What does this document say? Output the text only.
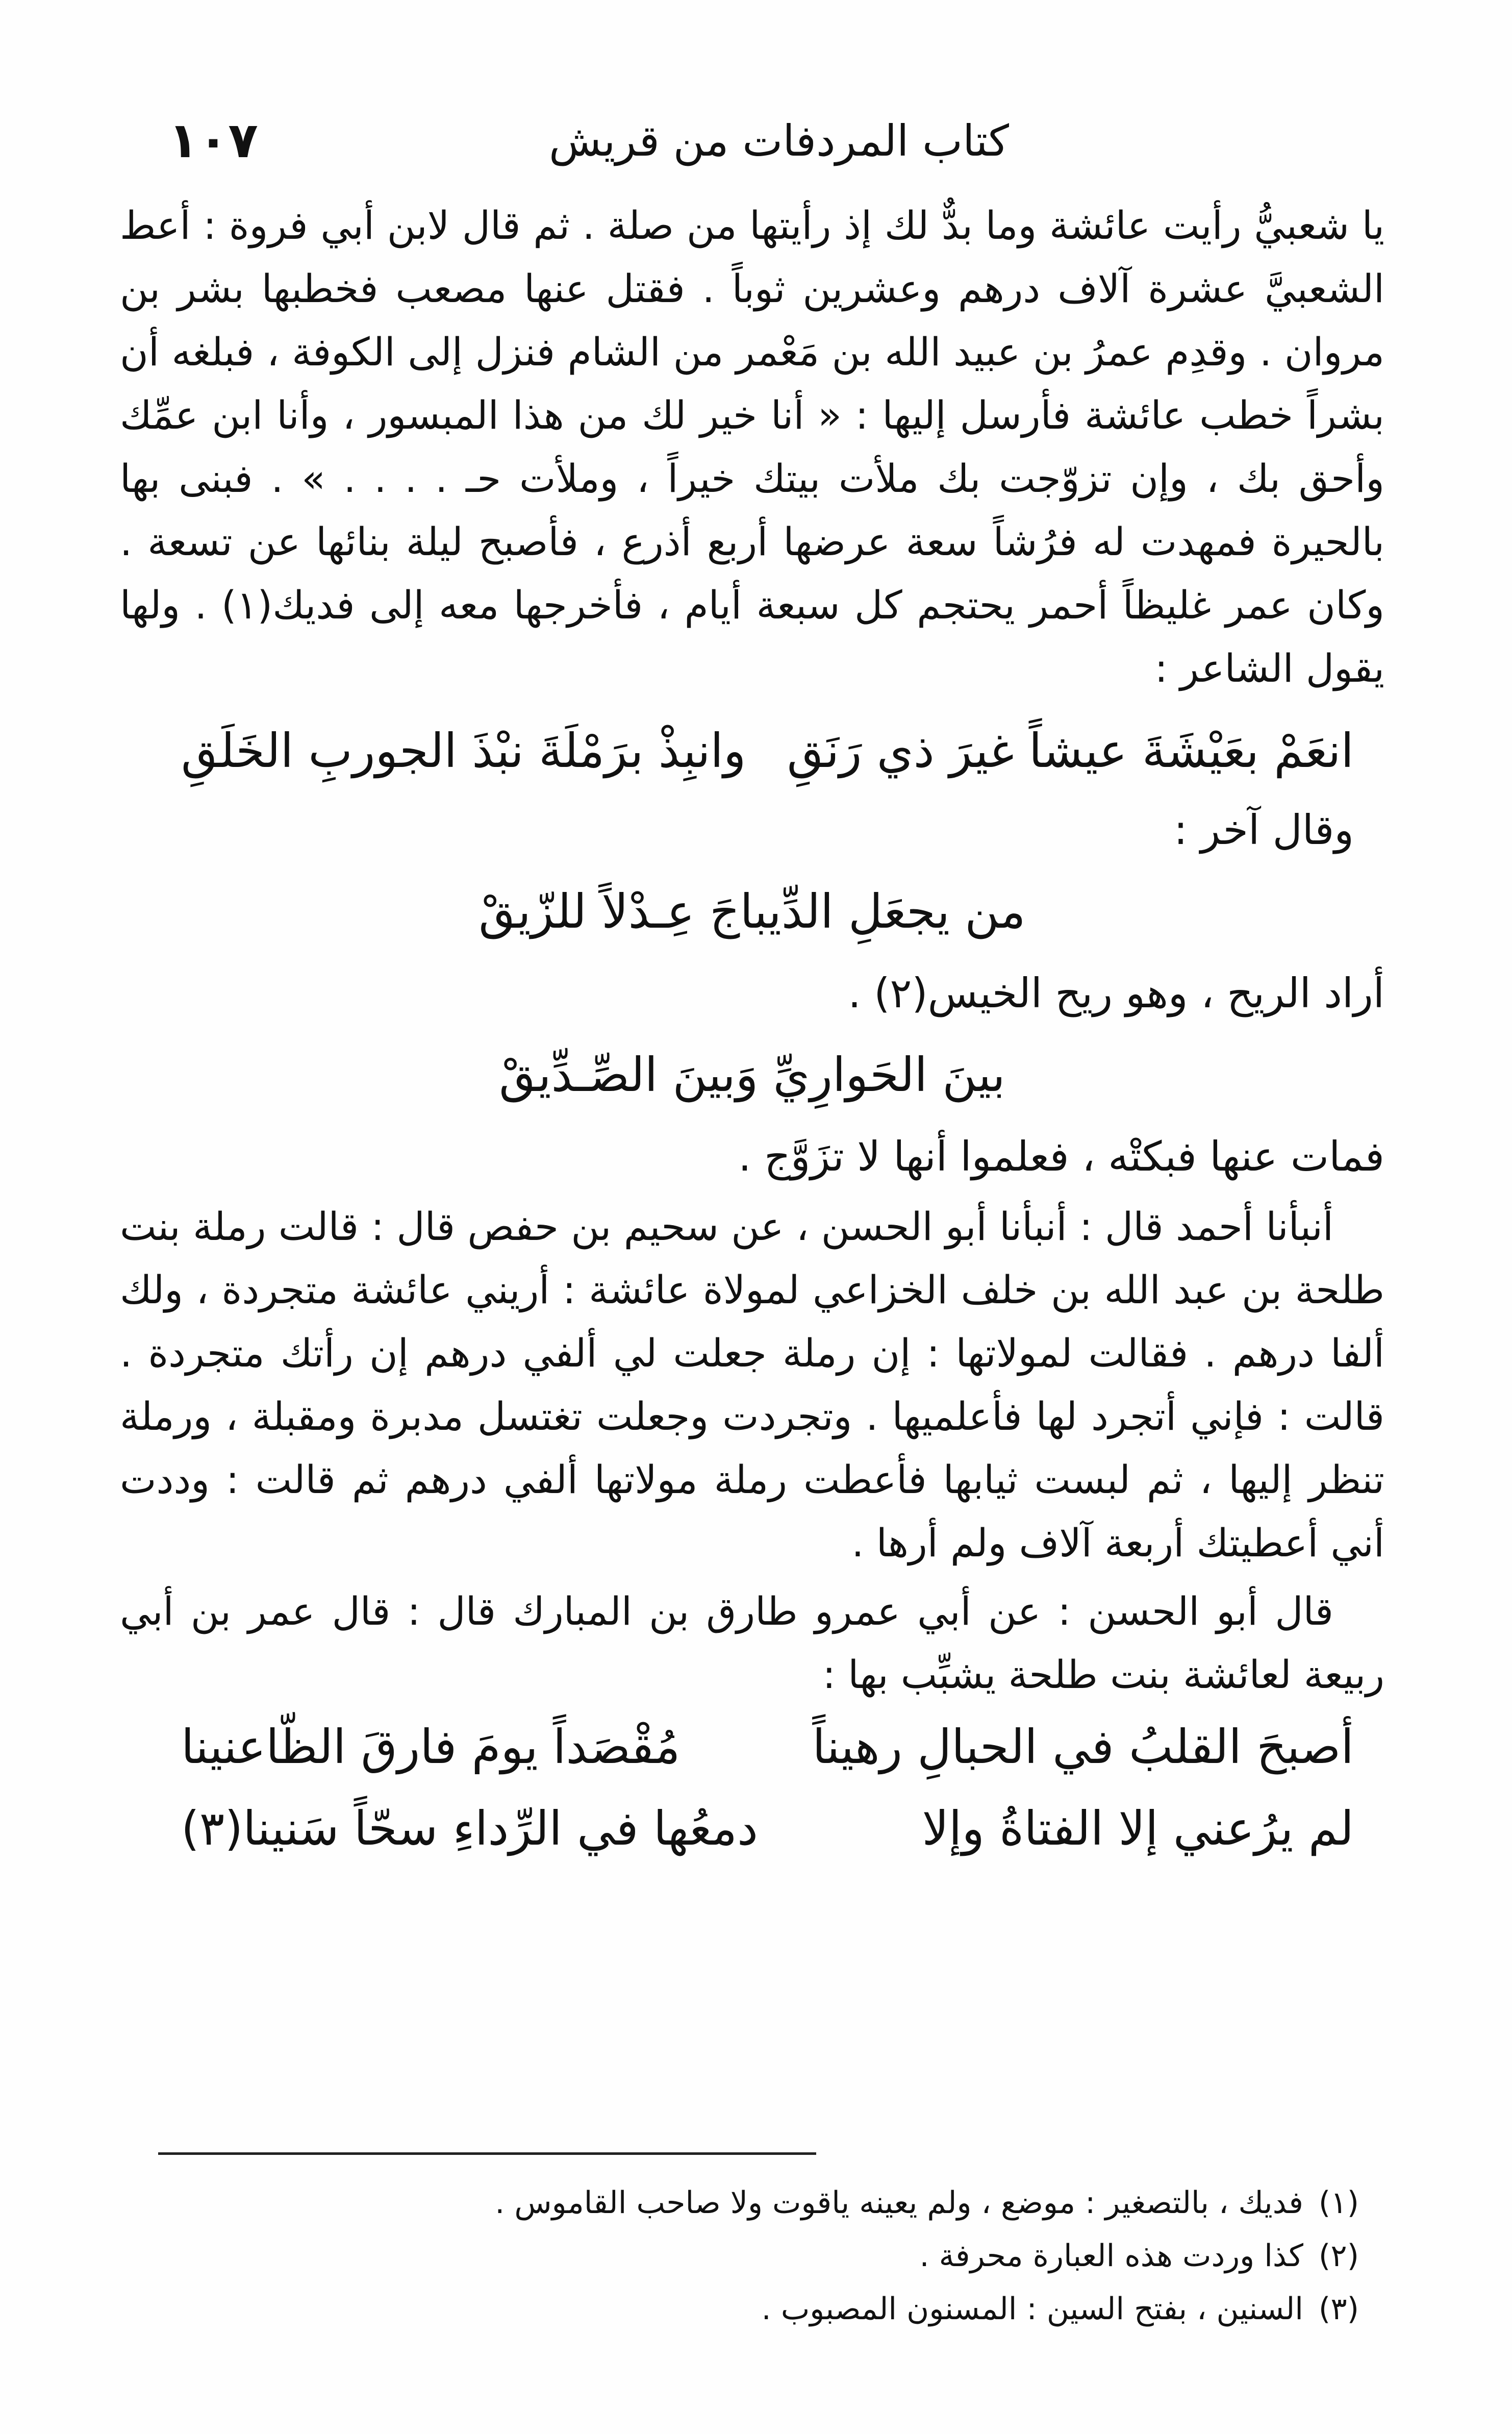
كتاب المردفات من قريش
١٠٧
يا شعبيُّ رأيت عائشة وما بدٌّ لك إذ رأيتها من صلة . ثم قال لابن أبي فروة : أعط الشعبيَّ عشرة آلاف درهم وعشرين ثوباً . فقتل عنها مصعب فخطبها بشر بن مروان . وقدِم عمرُ بن عبيد الله بن مَعْمر من الشام فنزل إلى الكوفة ، فبلغه أن بشراً خطب عائشة فأرسل إليها : « أنا خير لك من هذا المبسور ، وأنا ابن عمِّك وأحق بك ، وإن تزوّجت بك ملأت بيتك خيراً ، وملأت حـ . . . . » . فبنى بها بالحيرة فمهدت له فرُشاً سعة عرضها أربع أذرع ، فأصبح ليلة بنائها عن تسعة . وكان عمر غليظاً أحمر يحتجم كل سبعة أيام ، فأخرجها معه إلى فديك(١) . ولها يقول الشاعر :
انعَمْ بعَيْشَةَ عيشاً غيرَ ذي رَنَقِ
وانبِذْ برَمْلَةَ نبْذَ الجوربِ الخَلَقِ
وقال آخر :
من يجعَلِ الدِّيباجَ عِـدْلاً للزّيقْ
أراد الريح ، وهو ريح الخيس(٢) .
بينَ الحَوارِيِّ وَبينَ الصِّـدِّيقْ
فمات عنها فبكتْه ، فعلموا أنها لا تزَوَّج .
أنبأنا أحمد قال : أنبأنا أبو الحسن ، عن سحيم بن حفص قال : قالت رملة بنت طلحة بن عبد الله بن خلف الخزاعي لمولاة عائشة : أريني عائشة متجردة ، ولك ألفا درهم . فقالت لمولاتها : إن رملة جعلت لي ألفي درهم إن رأتك متجردة . قالت : فإني أتجرد لها فأعلميها . وتجردت وجعلت تغتسل مدبرة ومقبلة ، ورملة تنظر إليها ، ثم لبست ثيابها فأعطت رملة مولاتها ألفي درهم ثم قالت : وددت أني أعطيتك أربعة آلاف ولم أرها .
قال أبو الحسن : عن أبي عمرو طارق بن المبارك قال : قال عمر بن أبي ربيعة لعائشة بنت طلحة يشبِّب بها :
أصبحَ القلبُ في الحبالِ رهيناً
مُقْصَداً يومَ فارقَ الظّاعنينا
لم يرُعني إلا الفتاةُ وإلا
دمعُها في الرِّداءِ سحّاً سَنينا(٣)
(١)
فديك ، بالتصغير : موضع ، ولم يعينه ياقوت ولا صاحب القاموس .
(٢)
كذا وردت هذه العبارة محرفة .
(٣)
السنين ، بفتح السين : المسنون المصبوب .
